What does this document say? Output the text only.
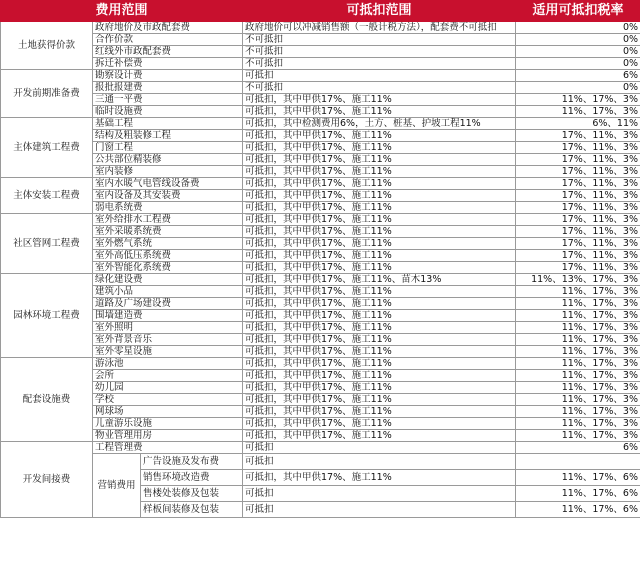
费用范围			可抵扣范围	适用可抵扣税率
土地获得价款	政府地价及市政配套费		政府地价可以冲减销售额（一般计税方法），配套费不可抵扣	0%
	合作价款		不可抵扣	0%
	红线外市政配套费		不可抵扣	0%
	拆迁补偿费		不可抵扣	0%
开发前期准备费	勘察设计费		可抵扣	6%
	报批报建费		不可抵扣	0%
	三通一平费		可抵扣，其中甲供17%、施工11%	11%、17%、3%
	临时设施费		可抵扣，其中甲供17%、施工11%	11%、17%、3%
主体建筑工程费	基础工程		可抵扣，其中检测费用6%，土方、桩基、护坡工程11%	6%、11%
	结构及粗装修工程		可抵扣，其中甲供17%、施工11%	17%、11%、3%
	门窗工程		可抵扣，其中甲供17%、施工11%	17%、11%、3%
	公共部位精装修		可抵扣，其中甲供17%、施工11%	17%、11%、3%
	室内装修		可抵扣，其中甲供17%、施工11%	17%、11%、3%
主体安装工程费	室内水暖气电管线设备费		可抵扣，其中甲供17%、施工11%	17%、11%、3%
	室内设备及其安装费		可抵扣，其中甲供17%、施工11%	17%、11%、3%
	弱电系统费		可抵扣，其中甲供17%、施工11%	17%、11%、3%
社区管网工程费	室外给排水工程费		可抵扣，其中甲供17%、施工11%	17%、11%、3%
	室外采暖系统费		可抵扣，其中甲供17%、施工11%	17%、11%、3%
	室外燃气系统		可抵扣，其中甲供17%、施工11%	17%、11%、3%
	室外高低压系统费		可抵扣，其中甲供17%、施工11%	17%、11%、3%
	室外智能化系统费		可抵扣，其中甲供17%、施工11%	17%、11%、3%
园林环境工程费	绿化建设费		可抵扣，其中甲供17%、施工11%、苗木13%	11%、13%、17%、3%
	建筑小品		可抵扣，其中甲供17%、施工11%	11%、17%、3%
	道路及广场建设费		可抵扣，其中甲供17%、施工11%	11%、17%、3%
	围墙建造费		可抵扣，其中甲供17%、施工11%	11%、17%、3%
	室外照明		可抵扣，其中甲供17%、施工11%	11%、17%、3%
	室外背景音乐		可抵扣，其中甲供17%、施工11%	11%、17%、3%
	室外零星设施		可抵扣，其中甲供17%、施工11%	11%、17%、3%
配套设施费	游泳池		可抵扣，其中甲供17%、施工11%	11%、17%、3%
	会所		可抵扣，其中甲供17%、施工11%	11%、17%、3%
	幼儿园		可抵扣，其中甲供17%、施工11%	11%、17%、3%
	学校		可抵扣，其中甲供17%、施工11%	11%、17%、3%
	网球场		可抵扣，其中甲供17%、施工11%	11%、17%、3%
	儿童游乐设施		可抵扣，其中甲供17%、施工11%	11%、17%、3%
	物业管理用房		可抵扣，其中甲供17%、施工11%	11%、17%、3%
开发间接费	工程管理费		可抵扣	6%
	营销费用	广告设施及发布费	可抵扣	
		销售环境改造费	可抵扣，其中甲供17%、施工11%	11%、17%、6%
		售楼处装修及包装	可抵扣	11%、17%、6%
		样板间装修及包装	可抵扣	11%、17%、6%
